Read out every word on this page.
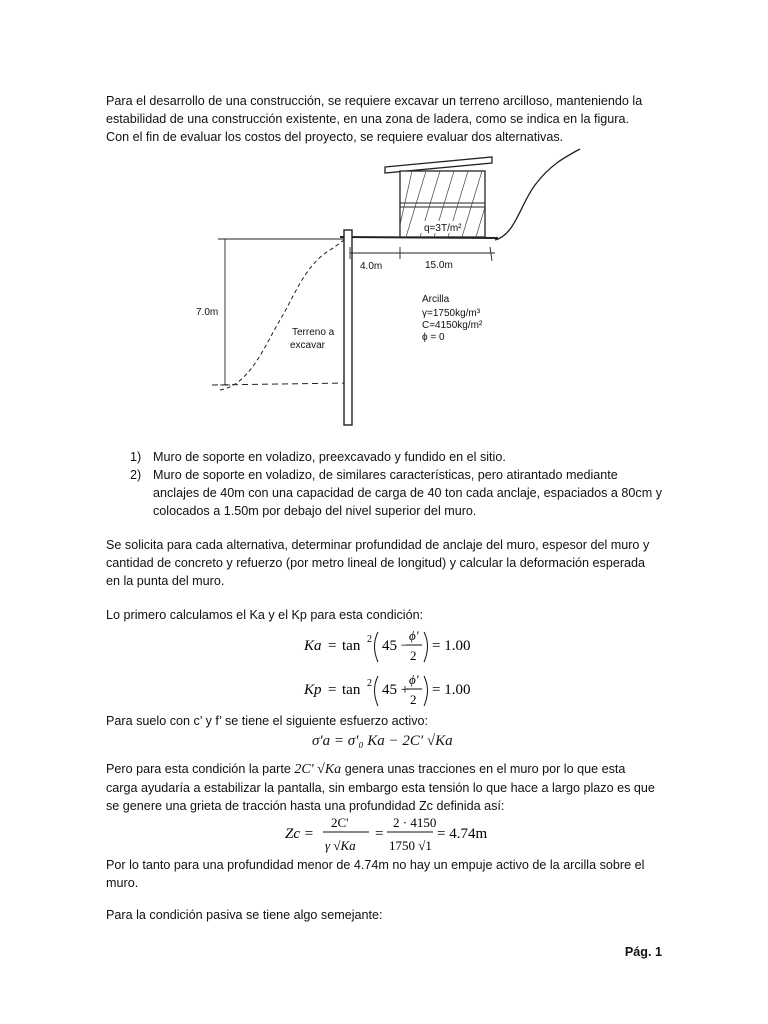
Para el desarrollo de una construcción, se requiere excavar un terreno arcilloso, manteniendo la
estabilidad de una construcción existente, en una zona de ladera, como se indica en la figura.
Con el fin de evaluar los costos del proyecto, se requiere evaluar dos alternativas.

q=3T/m²
4.0m	15.0m
7.0m
Terreno a
excavar
Arcilla
γ=1750kg/m³
C=4150kg/m²
ϕ = 0
1) Muro de soporte en voladizo, preexcavado y fundido en el sitio.
2) Muro de soporte en voladizo, de similares características, pero atirantado mediante
anclajes de 40m con una capacidad de carga de 40 ton cada anclaje, espaciados a 80cm y
colocados a 1.50m por debajo del nivel superior del muro.

Se solicita para cada alternativa, determinar profundidad de anclaje del muro, espesor del muro y
cantidad de concreto y refuerzo (por metro lineal de longitud) y calcular la deformación esperada
en la punta del muro.

Lo primero calculamos el Ka y el Kp para esta condición:

Ka = tan 2 45 −
ϕ'
2
= 1.00
Kp = tan 2 45 +
ϕ'
2
= 1.00

Para suelo con c’ y f’ se tiene el siguiente esfuerzo activo:

σ'a = σ'₀ Ka − 2C' √Ka

Pero para esta condición la parte 2C' √Ka genera unas tracciones en el muro por lo que esta
carga ayudaría a estabilizar la pantalla, sin embargo esta tensión lo que hace a largo plazo es que
se genere una grieta de tracción hasta una profundidad Zc definida así:

Zc =
2C'
γ √Ka
=
2 · 4150
1750 √1
= 4.74m

Por lo tanto para una profundidad menor de 4.74m no hay un empuje activo de la arcilla sobre el
muro.

Para la condición pasiva se tiene algo semejante:

Pág. 1
